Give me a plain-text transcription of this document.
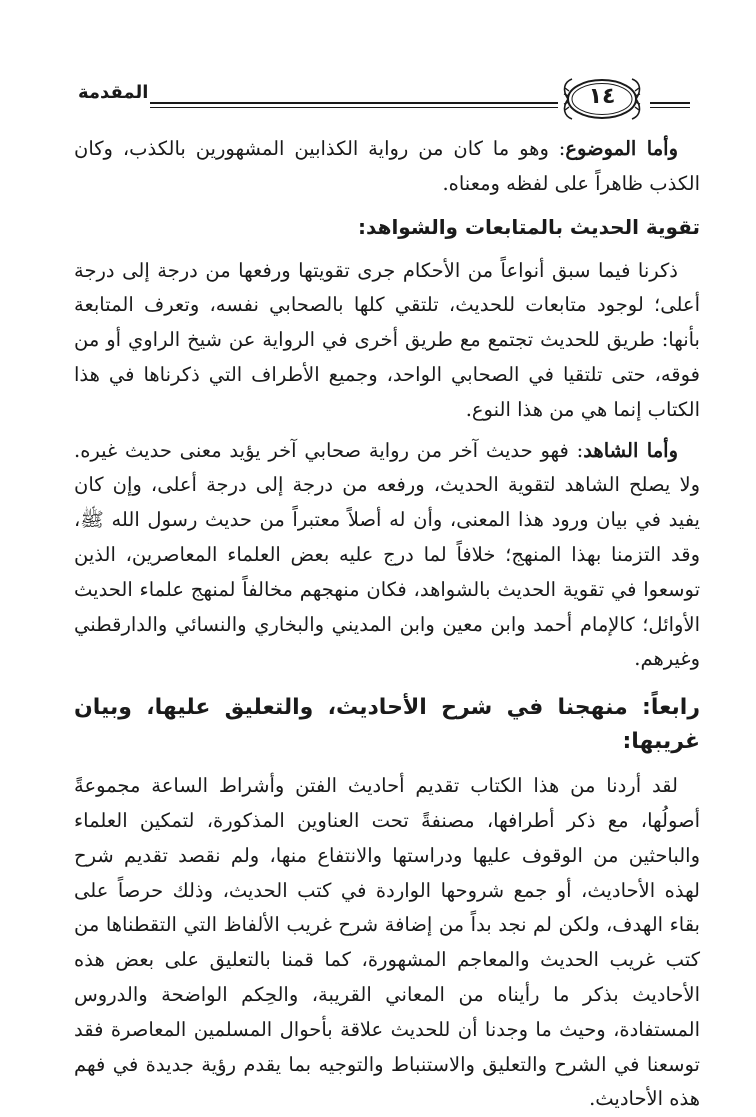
المقدمة	١٤

وأما الموضوع: وهو ما كان من رواية الكذابين المشهورين بالكذب، وكان الكذب ظاهراً على لفظه ومعناه.

تقوية الحديث بالمتابعات والشواهد:

ذكرنا فيما سبق أنواعاً من الأحكام جرى تقويتها ورفعها من درجة إلى درجة أعلى؛ لوجود متابعات للحديث، تلتقي كلها بالصحابي نفسه، وتعرف المتابعة بأنها: طريق للحديث تجتمع مع طريق أخرى في الرواية عن شيخ الراوي أو من فوقه، حتى تلتقيا في الصحابي الواحد، وجميع الأطراف التي ذكرناها في هذا الكتاب إنما هي من هذا النوع.

وأما الشاهد: فهو حديث آخر من رواية صحابي آخر يؤيد معنى حديث غيره. ولا يصلح الشاهد لتقوية الحديث، ورفعه من درجة إلى درجة أعلى، وإن كان يفيد في بيان ورود هذا المعنى، وأن له أصلاً معتبراً من حديث رسول الله ﷺ، وقد التزمنا بهذا المنهج؛ خلافاً لما درج عليه بعض العلماء المعاصرين، الذين توسعوا في تقوية الحديث بالشواهد، فكان منهجهم مخالفاً لمنهج علماء الحديث الأوائل؛ كالإمام أحمد وابن معين وابن المديني والبخاري والنسائي والدارقطني وغيرهم.

رابعاً: منهجنا في شرح الأحاديث، والتعليق عليها، وبيان غريبها:

لقد أردنا من هذا الكتاب تقديم أحاديث الفتن وأشراط الساعة مجموعةً أصولُها، مع ذكر أطرافها، مصنفةً تحت العناوين المذكورة، لتمكين العلماء والباحثين من الوقوف عليها ودراستها والانتفاع منها، ولم نقصد تقديم شرح لهذه الأحاديث، أو جمع شروحها الواردة في كتب الحديث، وذلك حرصاً على بقاء الهدف، ولكن لم نجد بداً من إضافة شرح غريب الألفاظ التي التقطناها من كتب غريب الحديث والمعاجم المشهورة، كما قمنا بالتعليق على بعض هذه الأحاديث بذكر ما رأيناه من المعاني القريبة، والحِكم الواضحة والدروس المستفادة، وحيث ما وجدنا أن للحديث علاقة بأحوال المسلمين المعاصرة فقد توسعنا في الشرح والتعليق والاستنباط والتوجيه بما يقدم رؤية جديدة في فهم هذه الأحاديث.
